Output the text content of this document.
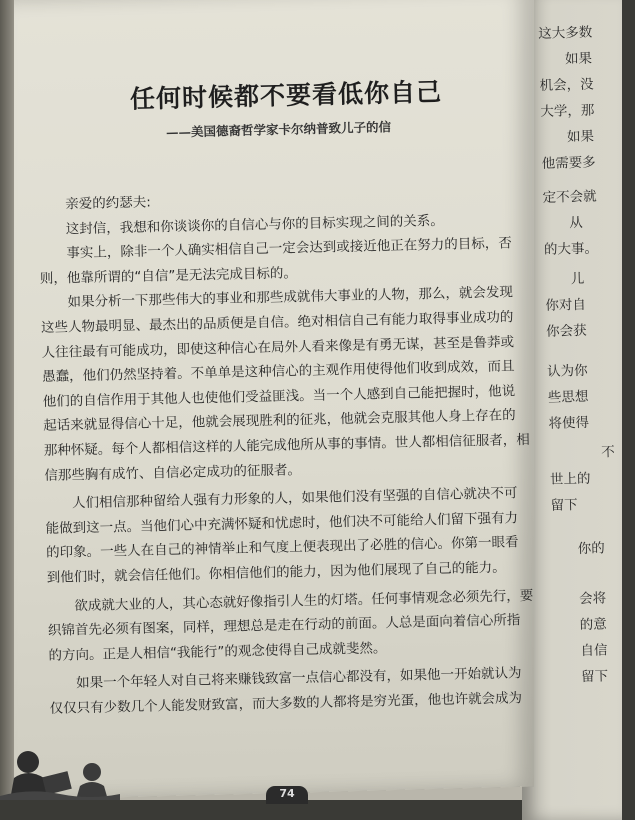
任何时候都不要看低你自己
——美国德裔哲学家卡尔纳普致儿子的信
亲爱的约瑟夫:
这封信，我想和你谈谈你的自信心与你的目标实现之间的关系。
事实上，除非一个人确实相信自己一定会达到或接近他正在努力的目标，否
则，他靠所谓的“自信”是无法完成目标的。
如果分析一下那些伟大的事业和那些成就伟大事业的人物，那么，就会发现
这些人物最明显、最杰出的品质便是自信。绝对相信自己有能力取得事业成功的
人往往最有可能成功，即使这种信心在局外人看来像是有勇无谋，甚至是鲁莽或
愚蠢，他们仍然坚持着。不单单是这种信心的主观作用使得他们收到成效，而且
他们的自信作用于其他人也使他们受益匪浅。当一个人感到自己能把握时，他说
起话来就显得信心十足，他就会展现胜利的征兆，他就会克服其他人身上存在的
那种怀疑。每个人都相信这样的人能完成他所从事的事情。世人都相信征服者，相
信那些胸有成竹、自信必定成功的征服者。
人们相信那种留给人强有力形象的人，如果他们没有坚强的自信心就决不可
能做到这一点。当他们心中充满怀疑和忧虑时，他们决不可能给人们留下强有力
的印象。一些人在自己的神情举止和气度上便表现出了必胜的信心。你第一眼看
到他们时，就会信任他们。你相信他们的能力，因为他们展现了自己的能力。
欲成就大业的人，其心态就好像指引人生的灯塔。任何事情观念必须先行，要
织锦首先必须有图案，同样，理想总是走在行动的前面。人总是面向着信心所指
的方向。正是人相信“我能行”的观念使得自己成就斐然。
如果一个年轻人对自己将来赚钱致富一点信心都没有，如果他一开始就认为
仅仅只有少数几个人能发财致富，而大多数的人都将是穷光蛋，他也许就会成为
这大多数
如果
机会，没
大学，那
如果
他需要多
定不会就
从
的大事。
儿
你对自
你会获
认为你
些思想
将使得
不
世上的
留下
你的
会将
的意
自信
留下
74
